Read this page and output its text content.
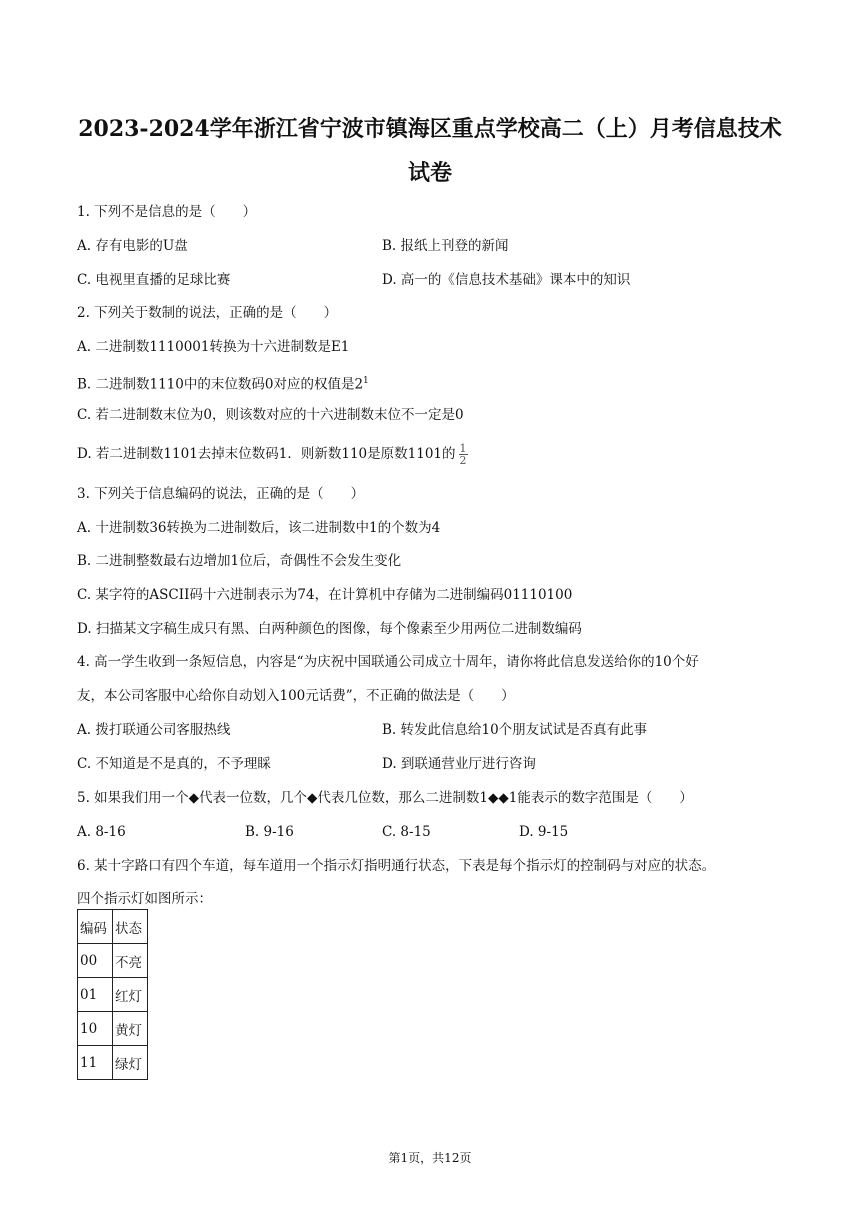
2023-2024学年浙江省宁波市镇海区重点学校高二（上）月考信息技术
试卷
1. 下列不是信息的是（　　）
A. 存有电影的U盘	B. 报纸上刊登的新闻
C. 电视里直播的足球比赛	D. 高一的《信息技术基础》课本中的知识
2. 下列关于数制的说法，正确的是（　　）
A. 二进制数1110001转换为十六进制数是E1
B. 二进制数1110中的末位数码0对应的权值是$2^1$
C. 若二进制数末位为0，则该数对应的十六进制数末位不一定是0
D. 若二进制数1101去掉末位数码1．则新数110是原数1101的 $\frac{1}{2}$
3. 下列关于信息编码的说法，正确的是（　　）
A. 十进制数36转换为二进制数后，该二进制数中1的个数为4
B. 二进制整数最右边增加1位后，奇偶性不会发生变化
C. 某字符的ASCII码十六进制表示为74，在计算机中存储为二进制编码01110100
D. 扫描某文字稿生成只有黑、白两种颜色的图像，每个像素至少用两位二进制数编码
4. 高一学生收到一条短信息，内容是“为庆祝中国联通公司成立十周年，请你将此信息发送给你的10个好
友，本公司客服中心给你自动划入100元话费”，不正确的做法是（　　）
A. 拨打联通公司客服热线	B. 转发此信息给10个朋友试试是否真有此事
C. 不知道是不是真的，不予理睬	D. 到联通营业厅进行咨询
5. 如果我们用一个◆代表一位数，几个◆代表几位数，那么二进制数1◆◆1能表示的数字范围是（　　）
A. 8-16	B. 9-16	C. 8-15	D. 9-15
6. 某十字路口有四个车道，每车道用一个指示灯指明通行状态，下表是每个指示灯的控制码与对应的状态。
四个指示灯如图所示：
编码	状态
00	不亮
01	红灯
10	黄灯
11	绿灯
第1页，共12页
